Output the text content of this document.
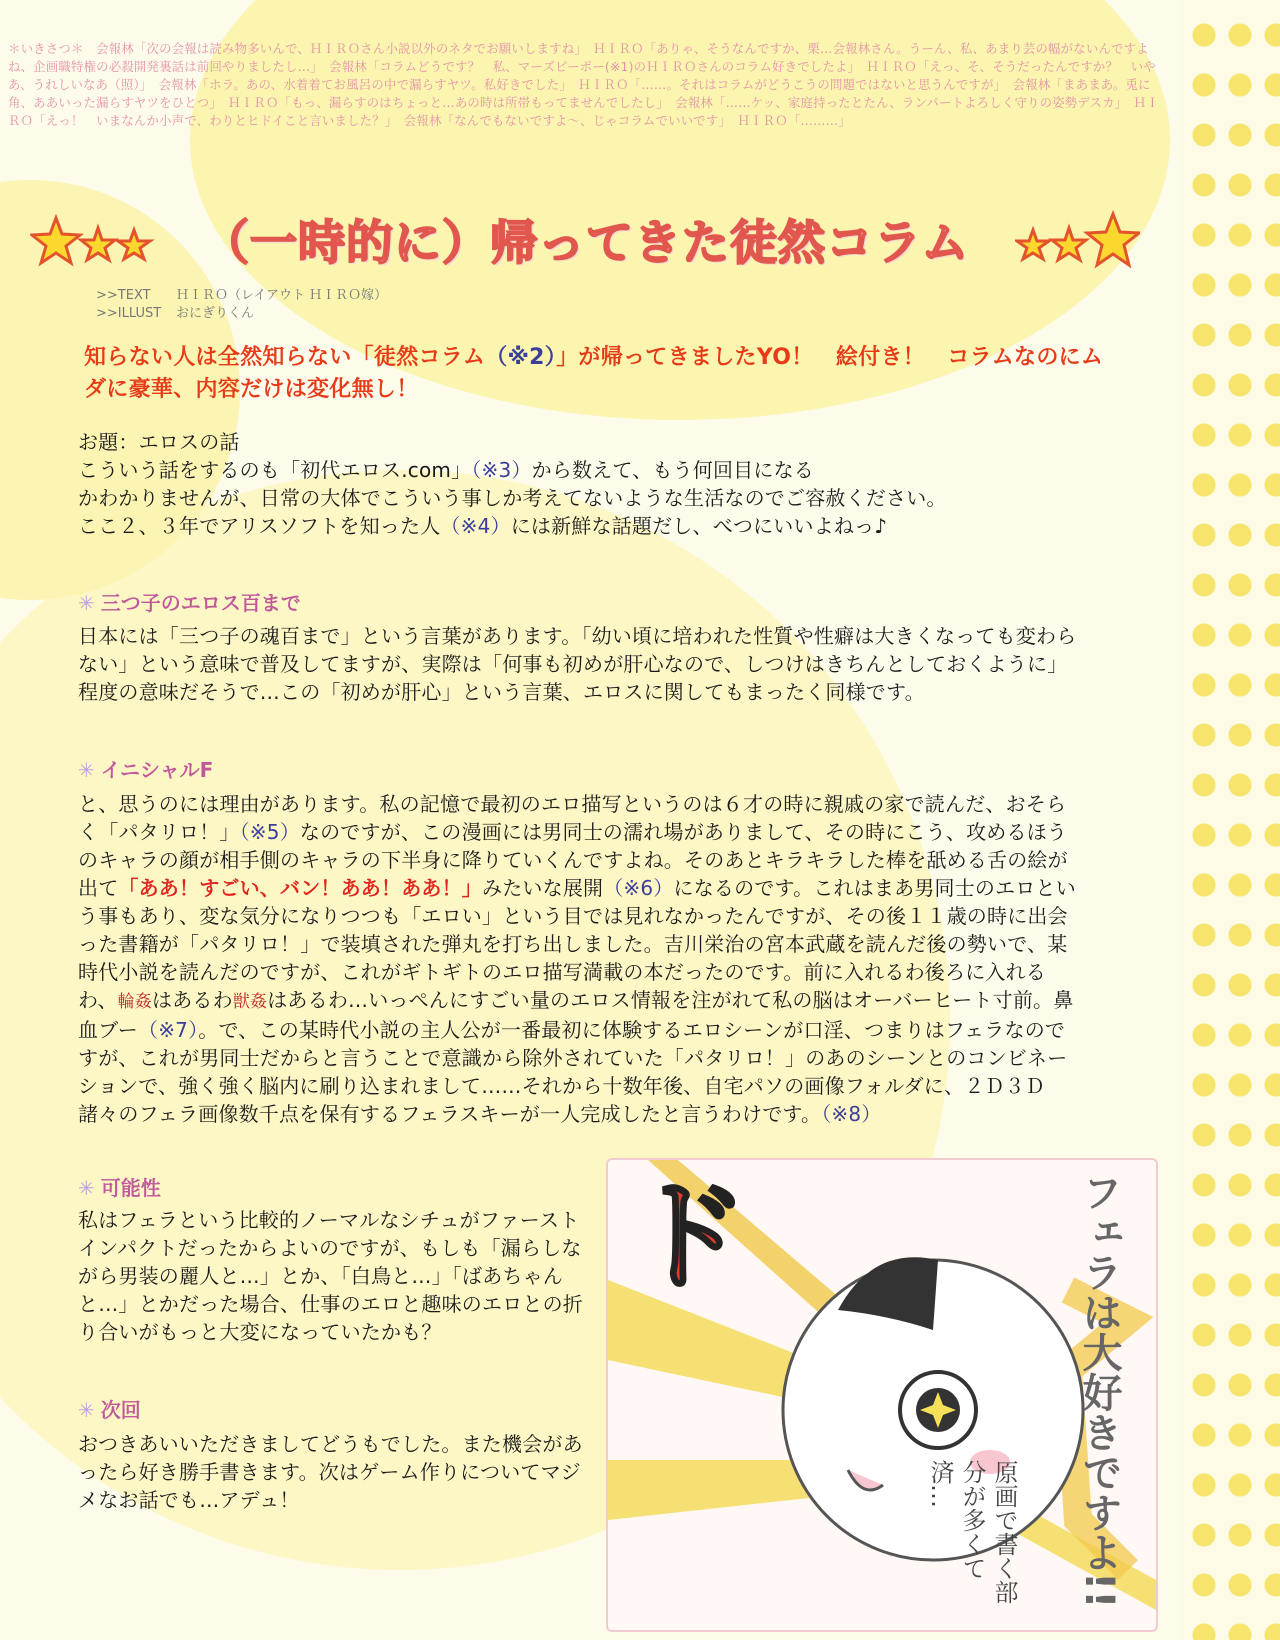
＊いきさつ＊　会報林「次の会報は読み物多いんで、ＨＩＲＯさん小説以外のネタでお願いしますね」　ＨＩＲＯ「ありゃ、そうなんですか、栗…会報林さん。うーん、私、あまり芸の幅がないんですよね、企画職特権の必殺開発裏話は前回やりましたし…」　会報林「コラムどうです？　私、マーズピーポー(※1)のＨＩＲＯさんのコラム好きでしたよ」　ＨＩＲＯ「えっ、そ、そうだったんですか？　いやあ、うれしいなあ（照）」　会報林「ホラ。あの、水着着てお風呂の中で漏らすヤツ。私好きでした」　ＨＩＲＯ「……。それはコラムがどうこうの問題ではないと思うんですが」　会報林「まあまあ。兎に角、ああいった漏らすヤツをひとつ」　ＨＩＲＯ「もっ、漏らすのはちょっと…あの時は所帯もってませんでしたし」　会報林「……ケッ、家庭持ったとたん、ランパートよろしく守りの姿勢デスカ」　ＨＩＲＯ「えっ！　いまなんか小声で、わりとヒドイこと言いました？」　会報林「なんでもないですよ～、じゃコラムでいいです」　ＨＩＲＯ「………」
（一時的に）帰ってきた徒然コラム
>>TEXT ＨＩＲＯ（レイアウト ＨＩＲＯ嫁）
>>ILLUST おにぎりくん
知らない人は全然知らない「徒然コラム（※2）」が帰ってきましたYO！　絵付き！　コラムなのにムダに豪華、内容だけは変化無し！
お題：エロスの話
こういう話をするのも「初代エロス.com」（※3）から数えて、もう何回目になる
かわかりませんが、日常の大体でこういう事しか考えてないような生活なのでご容赦ください。
ここ２、３年でアリスソフトを知った人（※4）には新鮮な話題だし、べつにいいよねっ♪
✳ 三つ子のエロス百まで
日本には「三つ子の魂百まで」という言葉があります。「幼い頃に培われた性質や性癖は大きくなっても変わらない」という意味で普及してますが、実際は「何事も初めが肝心なので、しつけはきちんとしておくように」程度の意味だそうで…この「初めが肝心」という言葉、エロスに関してもまったく同様です。
✳ イニシャルF
と、思うのには理由があります。私の記憶で最初のエロ描写というのは６才の時に親戚の家で読んだ、おそらく「パタリロ！」（※5）なのですが、この漫画には男同士の濡れ場がありまして、その時にこう、攻めるほうのキャラの顔が相手側のキャラの下半身に降りていくんですよね。そのあとキラキラした棒を舐める舌の絵が出て「ああ！すごい、バン！ああ！ああ！」みたいな展開（※6）になるのです。これはまあ男同士のエロという事もあり、変な気分になりつつも「エロい」という目では見れなかったんですが、その後１１歳の時に出会った書籍が「パタリロ！」で装填された弾丸を打ち出しました。吉川栄治の宮本武蔵を読んだ後の勢いで、某時代小説を読んだのですが、これがギトギトのエロ描写満載の本だったのです。前に入れるわ後ろに入れるわ、輪姦はあるわ獣姦はあるわ…いっぺんにすごい量のエロス情報を注がれて私の脳はオーバーヒート寸前。鼻血ブー（※7）。で、この某時代小説の主人公が一番最初に体験するエロシーンが口淫、つまりはフェラなのですが、これが男同士だからと言うことで意識から除外されていた「パタリロ！」のあのシーンとのコンビネーションで、強く強く脳内に刷り込まれまして……それから十数年後、自宅パソの画像フォルダに、２Ｄ３Ｄ諸々のフェラ画像数千点を保有するフェラスキーが一人完成したと言うわけです。（※8）
✳ 可能性
私はフェラという比較的ノーマルなシチュがファーストインパクトだったからよいのですが、もしも「漏らしながら男装の麗人と…」とか、「白鳥と…」「ばあちゃんと…」とかだった場合、仕事のエロと趣味のエロとの折り合いがもっと大変になっていたかも？
✳ 次回
おつきあいいただきましてどうもでした。また機会があったら好き勝手書きます。次はゲーム作りについてマジメなお話でも…アデュ！
ド	フェラは大好きですよ!!
原画で書く部分が多くて済…
